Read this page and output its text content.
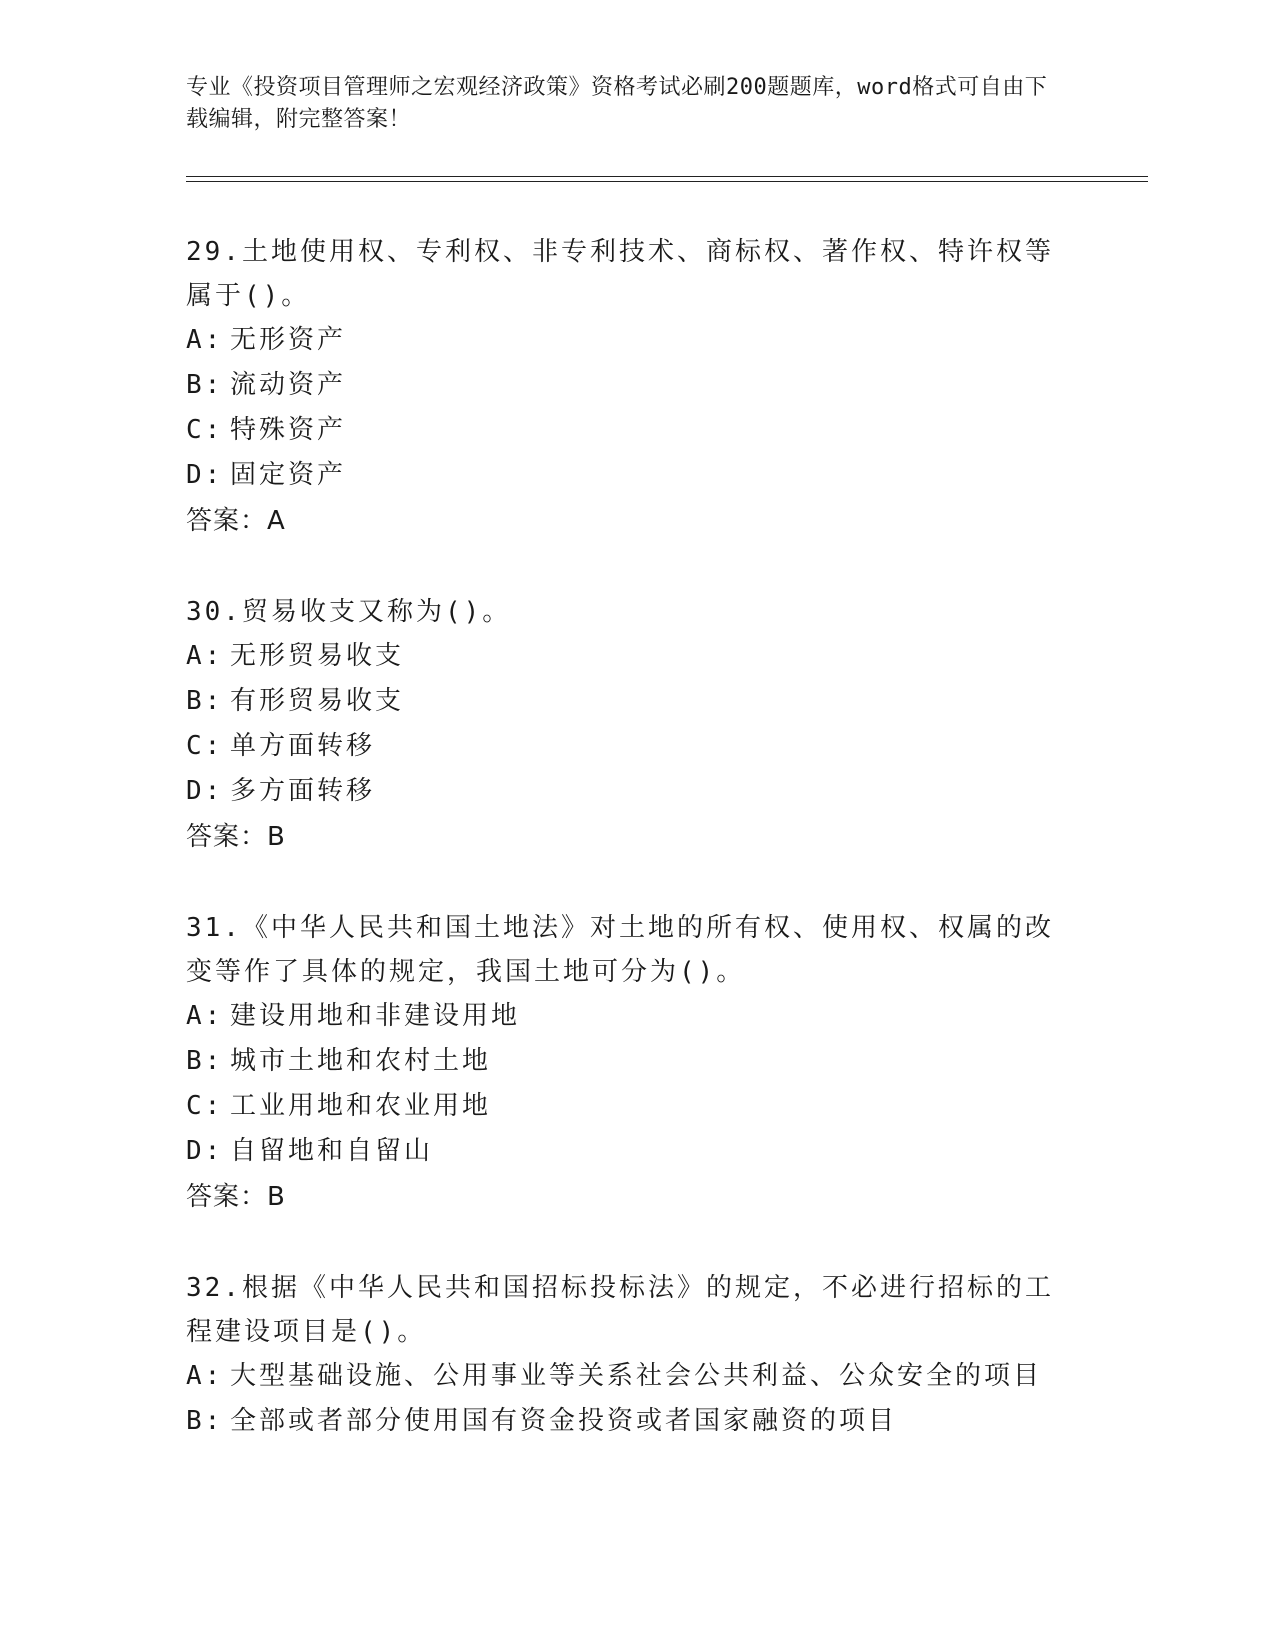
专业《投资项目管理师之宏观经济政策》资格考试必刷200题题库，word格式可自由下载编辑，附完整答案！
29.土地使用权、专利权、非专利技术、商标权、著作权、特许权等属于()。
A: 无形资产
B: 流动资产
C: 特殊资产
D: 固定资产
答案：A
30.贸易收支又称为()。
A: 无形贸易收支
B: 有形贸易收支
C: 单方面转移
D: 多方面转移
答案：B
31.《中华人民共和国土地法》对土地的所有权、使用权、权属的改变等作了具体的规定，我国土地可分为()。
A: 建设用地和非建设用地
B: 城市土地和农村土地
C: 工业用地和农业用地
D: 自留地和自留山
答案：B
32.根据《中华人民共和国招标投标法》的规定，不必进行招标的工程建设项目是()。
A: 大型基础设施、公用事业等关系社会公共利益、公众安全的项目
B: 全部或者部分使用国有资金投资或者国家融资的项目
